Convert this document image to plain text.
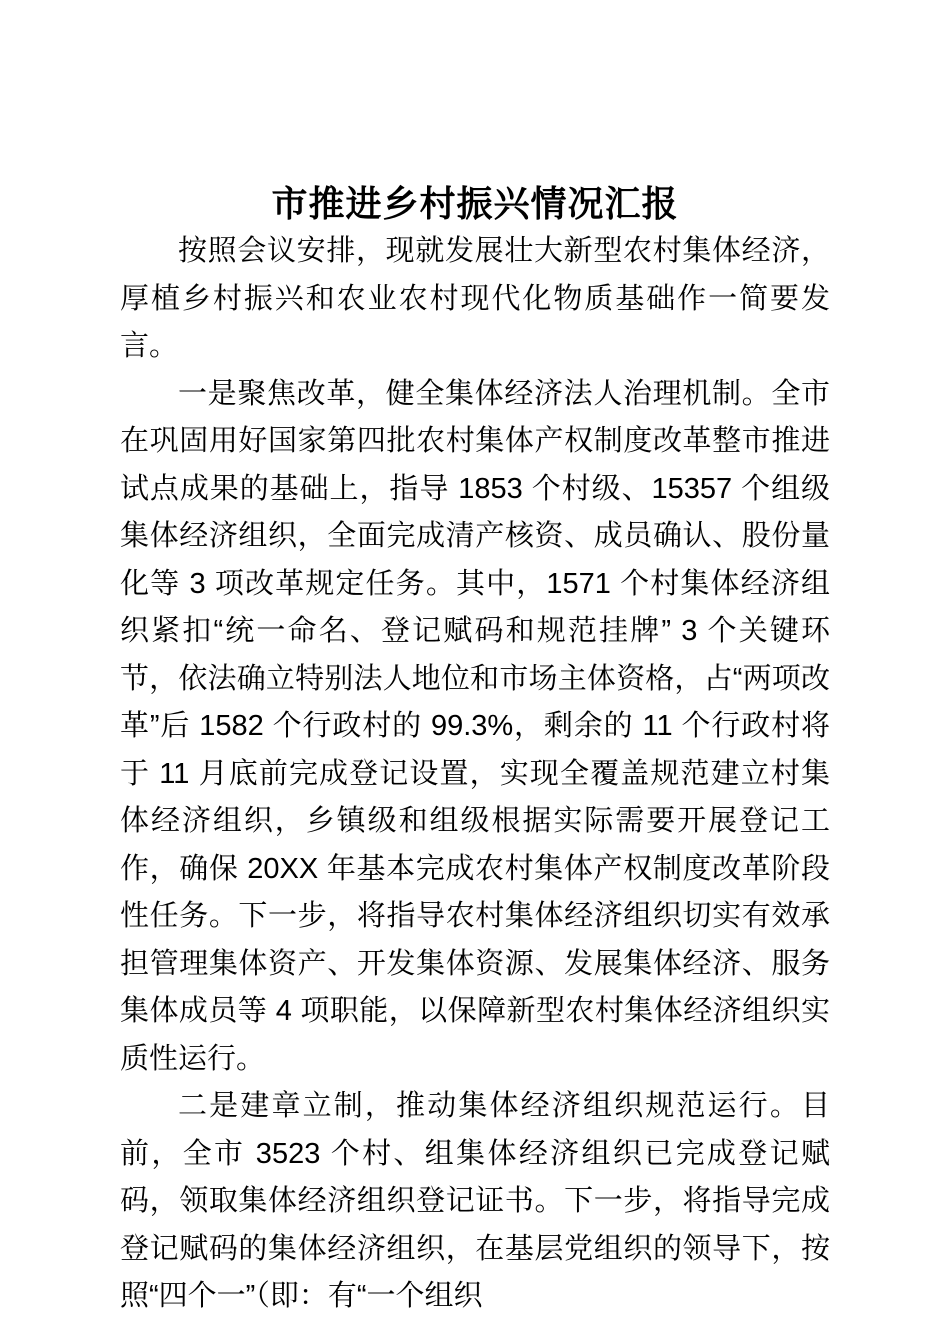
市推进乡村振兴情况汇报

按照会议安排，现就发展壮大新型农村集体经济，厚植乡村振兴和农业农村现代化物质基础作一简要发言。

一是聚焦改革，健全集体经济法人治理机制。全市在巩固用好国家第四批农村集体产权制度改革整市推进试点成果的基础上，指导 1853 个村级、15357 个组级集体经济组织，全面完成清产核资、成员确认、股份量化等 3 项改革规定任务。其中，1571 个村集体经济组织紧扣“统一命名、登记赋码和规范挂牌” 3 个关键环节，依法确立特别法人地位和市场主体资格，占“两项改革”后 1582 个行政村的 99.3%，剩余的 11 个行政村将于 11 月底前完成登记设置，实现全覆盖规范建立村集体经济组织，乡镇级和组级根据实际需要开展登记工作，确保 20XX 年基本完成农村集体产权制度改革阶段性任务。下一步，将指导农村集体经济组织切实有效承担管理集体资产、开发集体资源、发展集体经济、服务集体成员等 4 项职能，以保障新型农村集体经济组织实质性运行。

二是建章立制，推动集体经济组织规范运行。目前，全市 3523 个村、组集体经济组织已完成登记赋码，领取集体经济组织登记证书。下一步，将指导完成登记赋码的集体经济组织，在基层党组织的领导下，按照“四个一”（即：有“一个组织
